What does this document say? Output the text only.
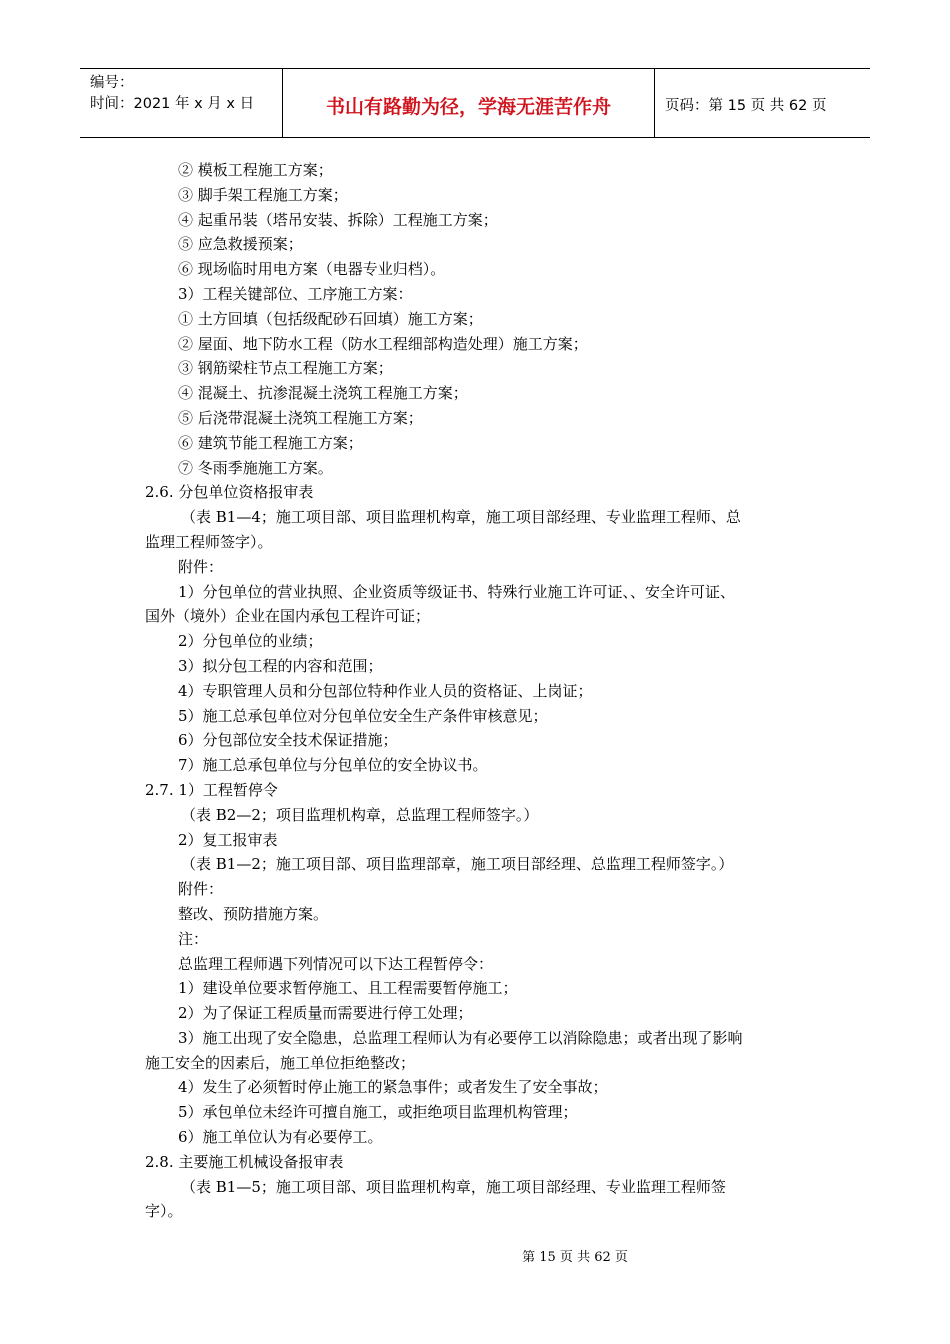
编号：
时间：2021 年 x 月 x 日	书山有路勤为径，学海无涯苦作舟	页码：第 15 页 共 62 页
② 模板工程施工方案；
③ 脚手架工程施工方案；
④ 起重吊装（塔吊安装、拆除）工程施工方案；
⑤ 应急救援预案；
⑥ 现场临时用电方案（电器专业归档）。
3）工程关键部位、工序施工方案：
① 土方回填（包括级配砂石回填）施工方案；
② 屋面、地下防水工程（防水工程细部构造处理）施工方案；
③ 钢筋梁柱节点工程施工方案；
④ 混凝土、抗渗混凝土浇筑工程施工方案；
⑤ 后浇带混凝土浇筑工程施工方案；
⑥ 建筑节能工程施工方案；
⑦ 冬雨季施施工方案。
2.6. 分包单位资格报审表
（表 B1—4；施工项目部、项目监理机构章，施工项目部经理、专业监理工程师、总
监理工程师签字）。
附件：
1）分包单位的营业执照、企业资质等级证书、特殊行业施工许可证、、安全许可证、
国外（境外）企业在国内承包工程许可证；
2）分包单位的业绩；
3）拟分包工程的内容和范围；
4）专职管理人员和分包部位特种作业人员的资格证、上岗证；
5）施工总承包单位对分包单位安全生产条件审核意见；
6）分包部位安全技术保证措施；
7）施工总承包单位与分包单位的安全协议书。
2.7. 1）工程暂停令
（表 B2—2；项目监理机构章，总监理工程师签字。）
2）复工报审表
（表 B1—2；施工项目部、项目监理部章，施工项目部经理、总监理工程师签字。）
附件：
整改、预防措施方案。
注：
总监理工程师遇下列情况可以下达工程暂停令：
1）建设单位要求暂停施工、且工程需要暂停施工；
2）为了保证工程质量而需要进行停工处理；
3）施工出现了安全隐患，总监理工程师认为有必要停工以消除隐患；或者出现了影响
施工安全的因素后，施工单位拒绝整改；
4）发生了必须暂时停止施工的紧急事件；或者发生了安全事故；
5）承包单位未经许可擅自施工，或拒绝项目监理机构管理；
6）施工单位认为有必要停工。
2.8. 主要施工机械设备报审表
（表 B1—5；施工项目部、项目监理机构章，施工项目部经理、专业监理工程师签
字）。
第 15 页 共 62 页
